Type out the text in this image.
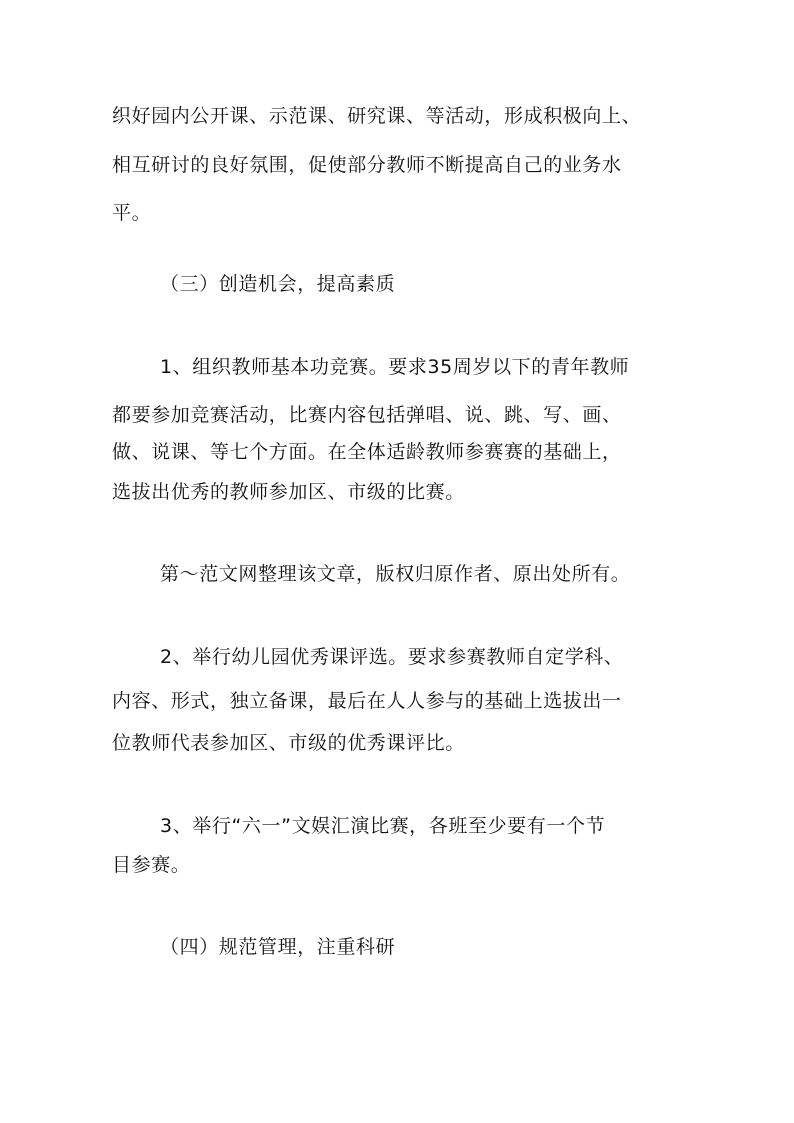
织好园内公开课、示范课、研究课、等活动，形成积极向上、
相互研讨的良好氛围，促使部分教师不断提高自己的业务水
平。
（三）创造机会，提高素质
1、组织教师基本功竞赛。要求35周岁以下的青年教师
都要参加竞赛活动，比赛内容包括弹唱、说、跳、写、画、
做、说课、等七个方面。在全体适龄教师参赛赛的基础上，
选拔出优秀的教师参加区、市级的比赛。
第～范文网整理该文章，版权归原作者、原出处所有。
2、举行幼儿园优秀课评选。要求参赛教师自定学科、
内容、形式，独立备课，最后在人人参与的基础上选拔出一
位教师代表参加区、市级的优秀课评比。
3、举行“六一”文娱汇演比赛，各班至少要有一个节
目参赛。
（四）规范管理，注重科研
